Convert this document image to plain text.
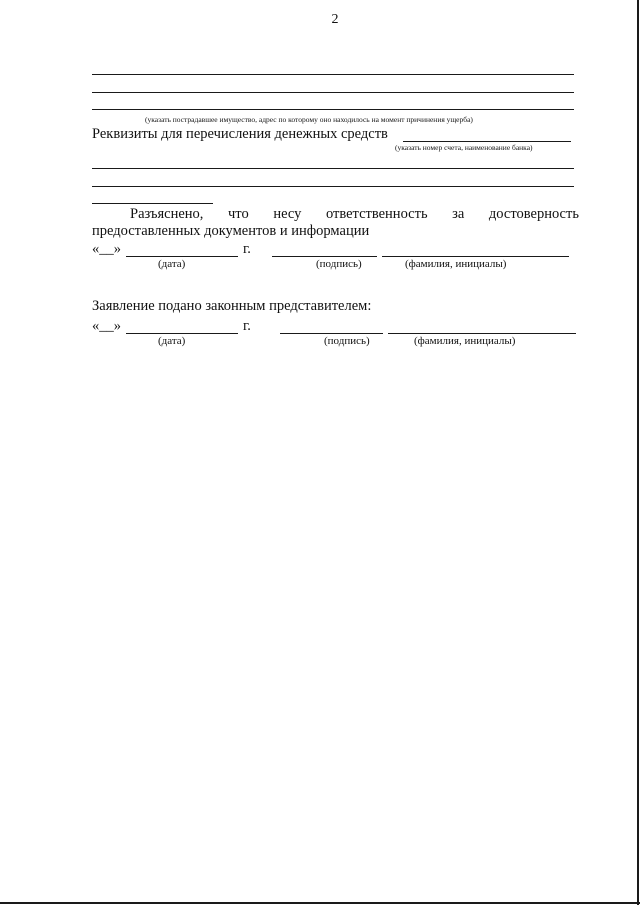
2
(указать пострадавшее имущество, адрес по которому оно находилось на момент причинения ущерба)
Реквизиты для перечисления денежных средств
(указать номер счета, наименование банка)
Разъяснено, что несу ответственность за достоверность
предоставленных документов и информации
«__»	г.
(дата)	(подпись)	(фамилия, инициалы)
Заявление подано законным представителем:
«__»	г.
(дата)	(подпись)	(фамилия, инициалы)
